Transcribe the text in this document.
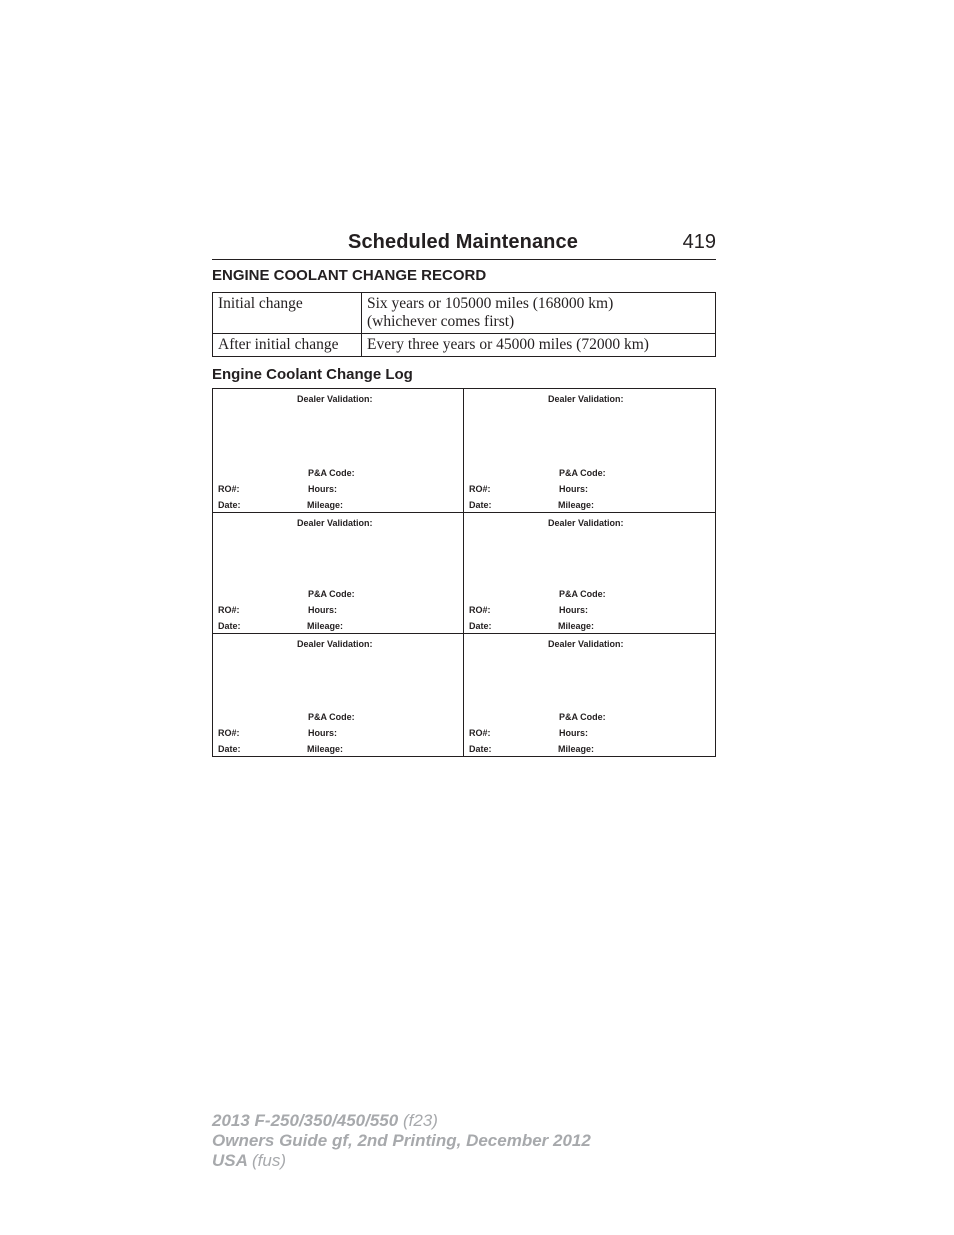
Scheduled Maintenance	419
ENGINE COOLANT CHANGE RECORD
Initial change	Six years or 105000 miles (168000 km)
(whichever comes first)

After initial change	Every three years or 45000 miles (72000 km)
Engine Coolant Change Log
Dealer Validation:
P&A Code:
RO#:	Hours:
Date:	Mileage:
Dealer Validation:
P&A Code:
RO#:	Hours:
Date:	Mileage:
Dealer Validation:
P&A Code:
RO#:	Hours:
Date:	Mileage:
Dealer Validation:
P&A Code:
RO#:	Hours:
Date:	Mileage:
Dealer Validation:
P&A Code:
RO#:	Hours:
Date:	Mileage:
Dealer Validation:
P&A Code:
RO#:	Hours:
Date:	Mileage:
2013 F-250/350/450/550 (f23)
Owners Guide gf, 2nd Printing, December 2012
USA (fus)
